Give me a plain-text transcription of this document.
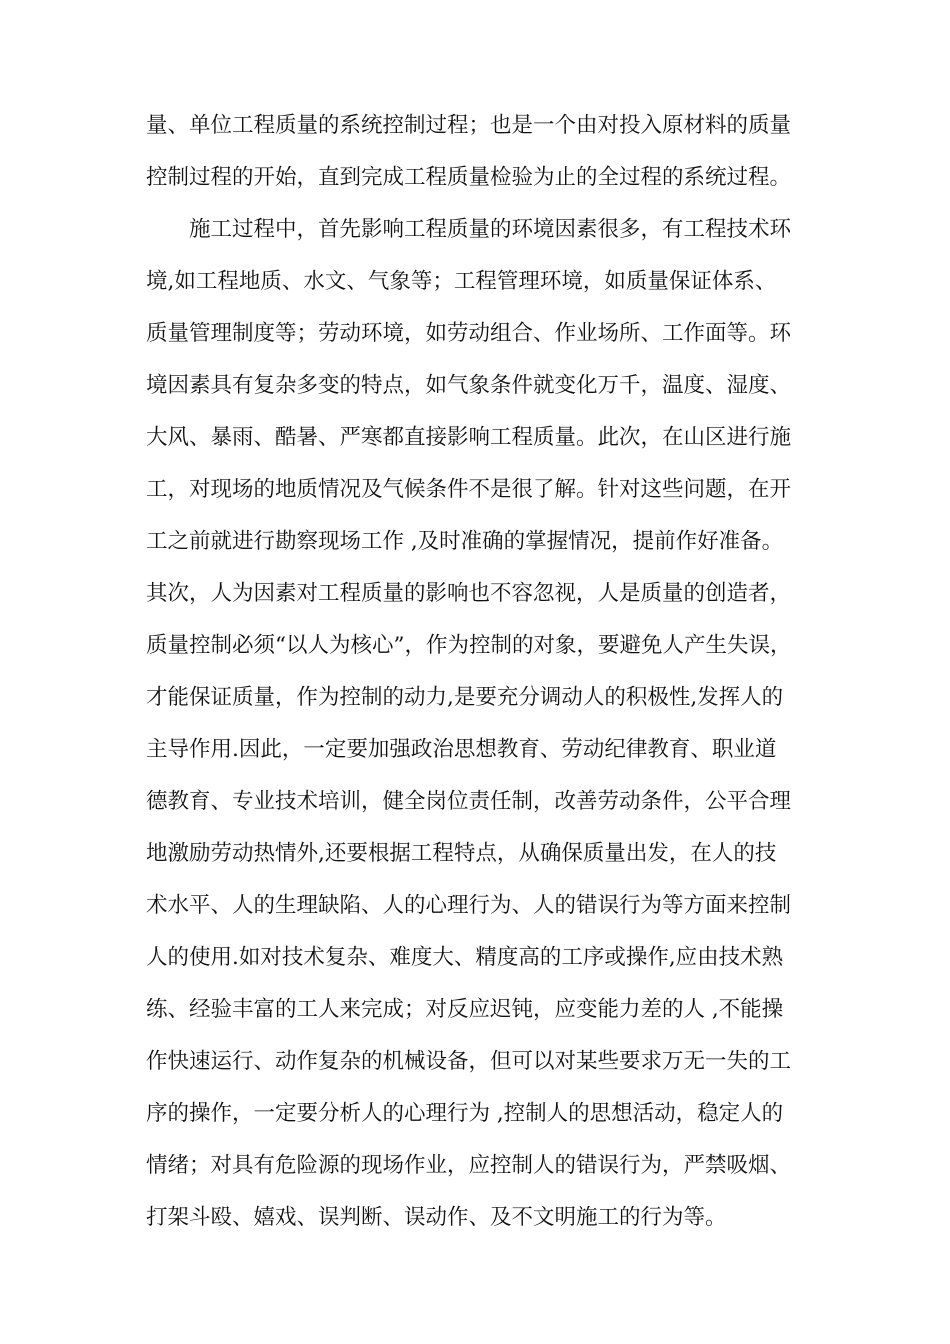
量、单位工程质量的系统控制过程；也是一个由对投入原材料的质量
控制过程的开始，直到完成工程质量检验为止的全过程的系统过程。
施工过程中，首先影响工程质量的环境因素很多，有工程技术环
境,如工程地质、水文、气象等；工程管理环境，如质量保证体系、
质量管理制度等；劳动环境，如劳动组合、作业场所、工作面等。环
境因素具有复杂多变的特点，如气象条件就变化万千，温度、湿度、
大风、暴雨、酷暑、严寒都直接影响工程质量。此次，在山区进行施
工，对现场的地质情况及气候条件不是很了解。针对这些问题，在开
工之前就进行勘察现场工作 ,及时准确的掌握情况，提前作好准备。
其次，人为因素对工程质量的影响也不容忽视，人是质量的创造者，
质量控制必须“以人为核心”，作为控制的对象，要避免人产生失误，
才能保证质量，作为控制的动力,是要充分调动人的积极性,发挥人的
主导作用.因此，一定要加强政治思想教育、劳动纪律教育、职业道
德教育、专业技术培训，健全岗位责任制，改善劳动条件，公平合理
地激励劳动热情外,还要根据工程特点，从确保质量出发，在人的技
术水平、人的生理缺陷、人的心理行为、人的错误行为等方面来控制
人的使用.如对技术复杂、难度大、精度高的工序或操作,应由技术熟
练、经验丰富的工人来完成；对反应迟钝，应变能力差的人 ,不能操
作快速运行、动作复杂的机械设备，但可以对某些要求万无一失的工
序的操作，一定要分析人的心理行为 ,控制人的思想活动，稳定人的
情绪；对具有危险源的现场作业，应控制人的错误行为，严禁吸烟、
打架斗殴、嬉戏、误判断、误动作、及不文明施工的行为等。
